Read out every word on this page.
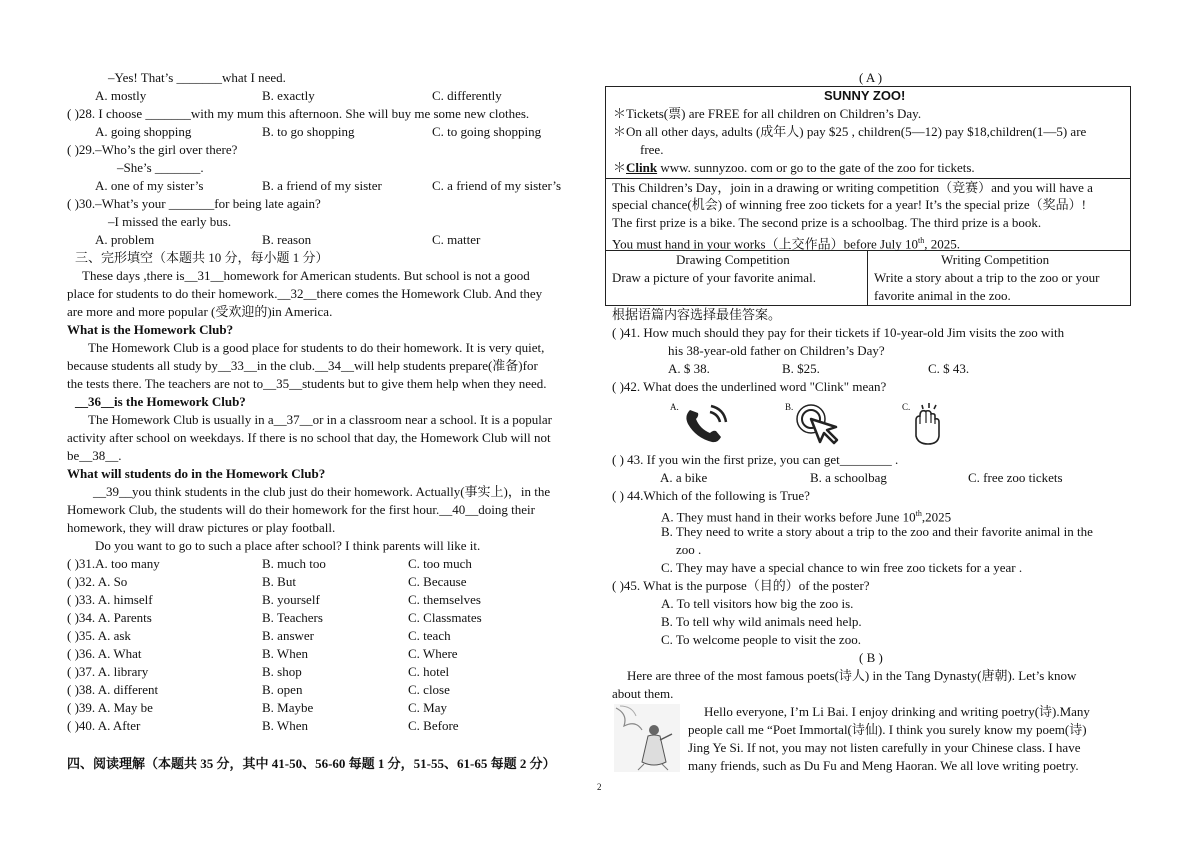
–Yes! That’s _______what I need.
A. mostly	B. exactly	C. differently
( )28. I choose _______with my mum this afternoon. She will buy me some new clothes.
A. going shopping	B. to go shopping	C. to going shopping
( )29.–Who’s the girl over there?
–She’s _______.
A. one of my sister’s	B. a friend of my sister	C. a friend of my sister’s
( )30.–What’s your _______for being late again?
–I missed the early bus.
A. problem	B. reason	C. matter
三、完形填空（本题共 10 分，每小题 1 分）
These days ,there is__31__homework for American students. But school is not a good
place for students to do their homework.__32__there comes the Homework Club. And they
are more and more popular (受欢迎的)in America.
What is the Homework Club?
The Homework Club is a good place for students to do their homework. It is very quiet,
because students all study by__33__in the club.__34__will help students prepare(准备)for
the tests there. The teachers are not to__35__students but to give them help when they need.
__36__is the Homework Club?
The Homework Club is usually in a__37__or in a classroom near a school. It is a popular
activity after school on weekdays. If there is no school that day, the Homework Club will not
be__38__.
What will students do in the Homework Club?
__39__you think students in the club just do their homework. Actually(事实上)，in the
Homework Club, the students will do their homework for the first hour.__40__doing their
homework, they will draw pictures or play football.
Do you want to go to such a place after school? I think parents will like it.
( )31.A. too many	B. much too	C. too much
( )32. A. So	B. But	C. Because
( )33. A. himself	B. yourself	C. themselves
( )34. A. Parents	B. Teachers	C. Classmates
( )35. A. ask	B. answer	C. teach
( )36. A. What	B. When	C. Where
( )37. A. library	B. shop	C. hotel
( )38. A. different	B. open	C. close
( )39. A. May be	B. Maybe	C. May
( )40. A. After	B. When	C. Before
四、阅读理解（本题共 35 分，其中 41-50、56-60 每题 1 分，51-55、61-65 每题 2 分）
( A )
SUNNY ZOO!
＊Tickets(票) are FREE for all children on Children’s Day.
＊On all other days, adults (成年人) pay $25 , children(5—12) pay $18,children(1—5) are
free.
＊Clink www. sunnyzoo. com or go to the gate of the zoo for tickets.
This Children’s Day，join in a drawing or writing competition（竞赛）and you will have a
special chance(机会) of winning free zoo tickets for a year! It’s the special prize（奖品）!
The first prize is a bike. The second prize is a schoolbag. The third prize is a book.
You must hand in your works（上交作品）before July 10th, 2025.
Drawing Competition	Writing Competition
Draw a picture of your favorite animal.	Write a story about a trip to the zoo or your
favorite animal in the zoo.
根据语篇内容选择最佳答案。
( )41. How much should they pay for their tickets if 10-year-old Jim visits the zoo with
his 38-year-old father on Children’s Day?
A. $ 38.	B. $25.	C. $ 43.
( )42. What does the underlined word "Clink" mean?
A.	B.	C.
( ) 43. If you win the first prize, you can get________ .
A. a bike	B. a schoolbag	C. free zoo tickets
( ) 44.Which of the following is True?
A. They must hand in their works before June 10th,2025
B. They need to write a story about a trip to the zoo and their favorite animal in the
zoo .
C. They may have a special chance to win free zoo tickets for a year .
( )45. What is the purpose（目的）of the poster?
A. To tell visitors how big the zoo is.
B. To tell why wild animals need help.
C. To welcome people to visit the zoo.
( B )
Here are three of the most famous poets(诗人) in the Tang Dynasty(唐朝). Let’s know
about them.
Hello everyone, I’m Li Bai. I enjoy drinking and writing poetry(诗).Many
people call me “Poet Immortal(诗仙). I think you surely know my poem(诗)
Jing Ye Si. If not, you may not listen carefully in your Chinese class. I have
many friends, such as Du Fu and Meng Haoran. We all love writing poetry.
2
